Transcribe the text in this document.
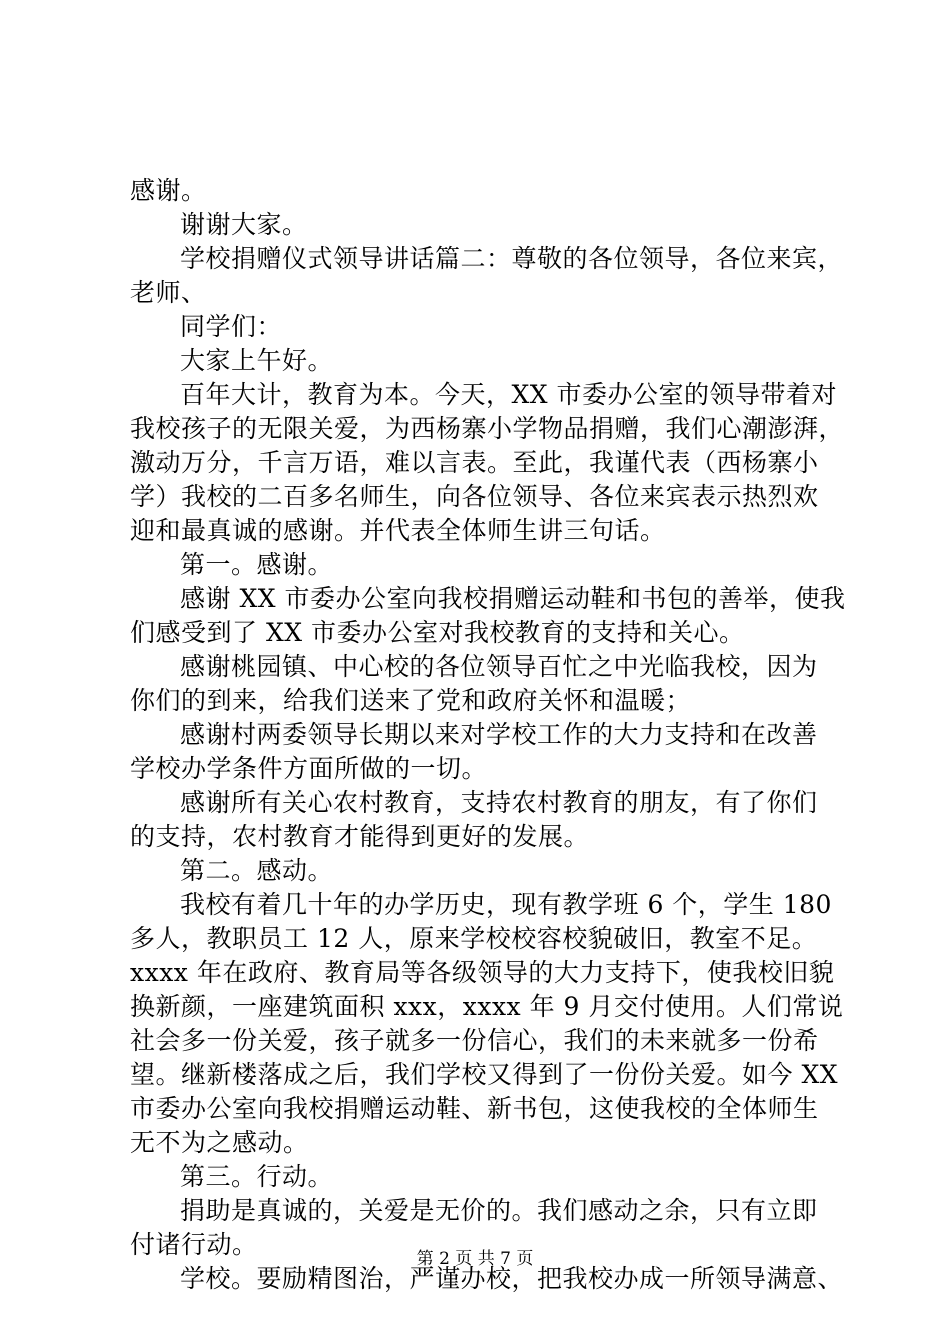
感谢。
谢谢大家。
学校捐赠仪式领导讲话篇二：尊敬的各位领导，各位来宾，
老师、
同学们：
大家上午好。
百年大计，教育为本。今天，XX 市委办公室的领导带着对
我校孩子的无限关爱，为西杨寨小学物品捐赠，我们心潮澎湃，
激动万分，千言万语，难以言表。至此，我谨代表（西杨寨小
学）我校的二百多名师生，向各位领导、各位来宾表示热烈欢
迎和最真诚的感谢。并代表全体师生讲三句话。
第一。感谢。
感谢 XX 市委办公室向我校捐赠运动鞋和书包的善举，使我
们感受到了 XX 市委办公室对我校教育的支持和关心。
感谢桃园镇、中心校的各位领导百忙之中光临我校，因为
你们的到来，给我们送来了党和政府关怀和温暖；
感谢村两委领导长期以来对学校工作的大力支持和在改善
学校办学条件方面所做的一切。
感谢所有关心农村教育，支持农村教育的朋友，有了你们
的支持，农村教育才能得到更好的发展。
第二。感动。
我校有着几十年的办学历史，现有教学班 6 个，学生 180
多人，教职员工 12 人，原来学校校容校貌破旧，教室不足。
xxxx 年在政府、教育局等各级领导的大力支持下，使我校旧貌
换新颜，一座建筑面积 xxx，xxxx 年 9 月交付使用。人们常说
社会多一份关爱，孩子就多一份信心，我们的未来就多一份希
望。继新楼落成之后，我们学校又得到了一份份关爱。如今 XX
市委办公室向我校捐赠运动鞋、新书包，这使我校的全体师生
无不为之感动。
第三。行动。
捐助是真诚的，关爱是无价的。我们感动之余，只有立即
付诸行动。
学校。要励精图治，严谨办校，把我校办成一所领导满意、
第 2 页 共 7 页
